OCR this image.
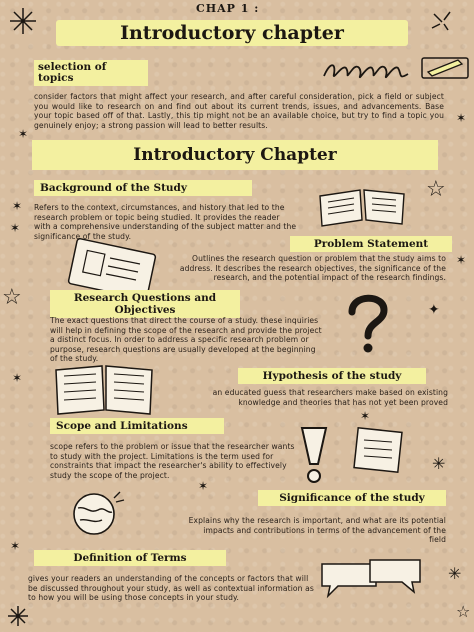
CHAP 1 :
Introductory chapter
selection of topics
consider factors that might affect your research, and after careful consideration, pick a field or subject you would like to research on and find out about its current trends, issues, and advancements. Base your topic based off of that. Lastly, this tip might not be an available choice, but try to find a topic you genuinely enjoy; a strong passion will lead to better results.
✶
✶
Introductory Chapter
Background of the Study
Refers to the context, circumstances, and history that led to the research problem or topic being studied. It provides the reader with a comprehensive understanding of the subject matter and the significance of the study.
☆
✶
✶
Problem Statement
Outlines the research question or problem that the study aims to address. It describes the research objectives, the significance of the research, and the potential impact of the research findings.
✶
☆	Research Questions and Objectives	✦
The exact questions that direct the course of a study. these inquiries will help in defining the scope of the research and provide the project a distinct focus. In order to address a specific research problem or purpose, research questions are usually developed at the beginning of the study.
Hypothesis of the study
an educated guess that researchers make based on existing knowledge and theories that has not yet been proved
✶
✶
Scope and Limitations
scope refers to the problem or issue that the researcher wants to study with the project. Limitations is the term used for constraints that impact the researcher's ability to effectively study the scope of the project.
✳
✶
Significance of the study
Explains why the research is important, and what are its potential impacts and contributions in terms of the advancement of the field
✶
Definition of Terms
gives your readers an understanding of the concepts or factors that will be discussed throughout your study, as well as contextual information as to how you will be using those concepts in your study.
✳
☆
